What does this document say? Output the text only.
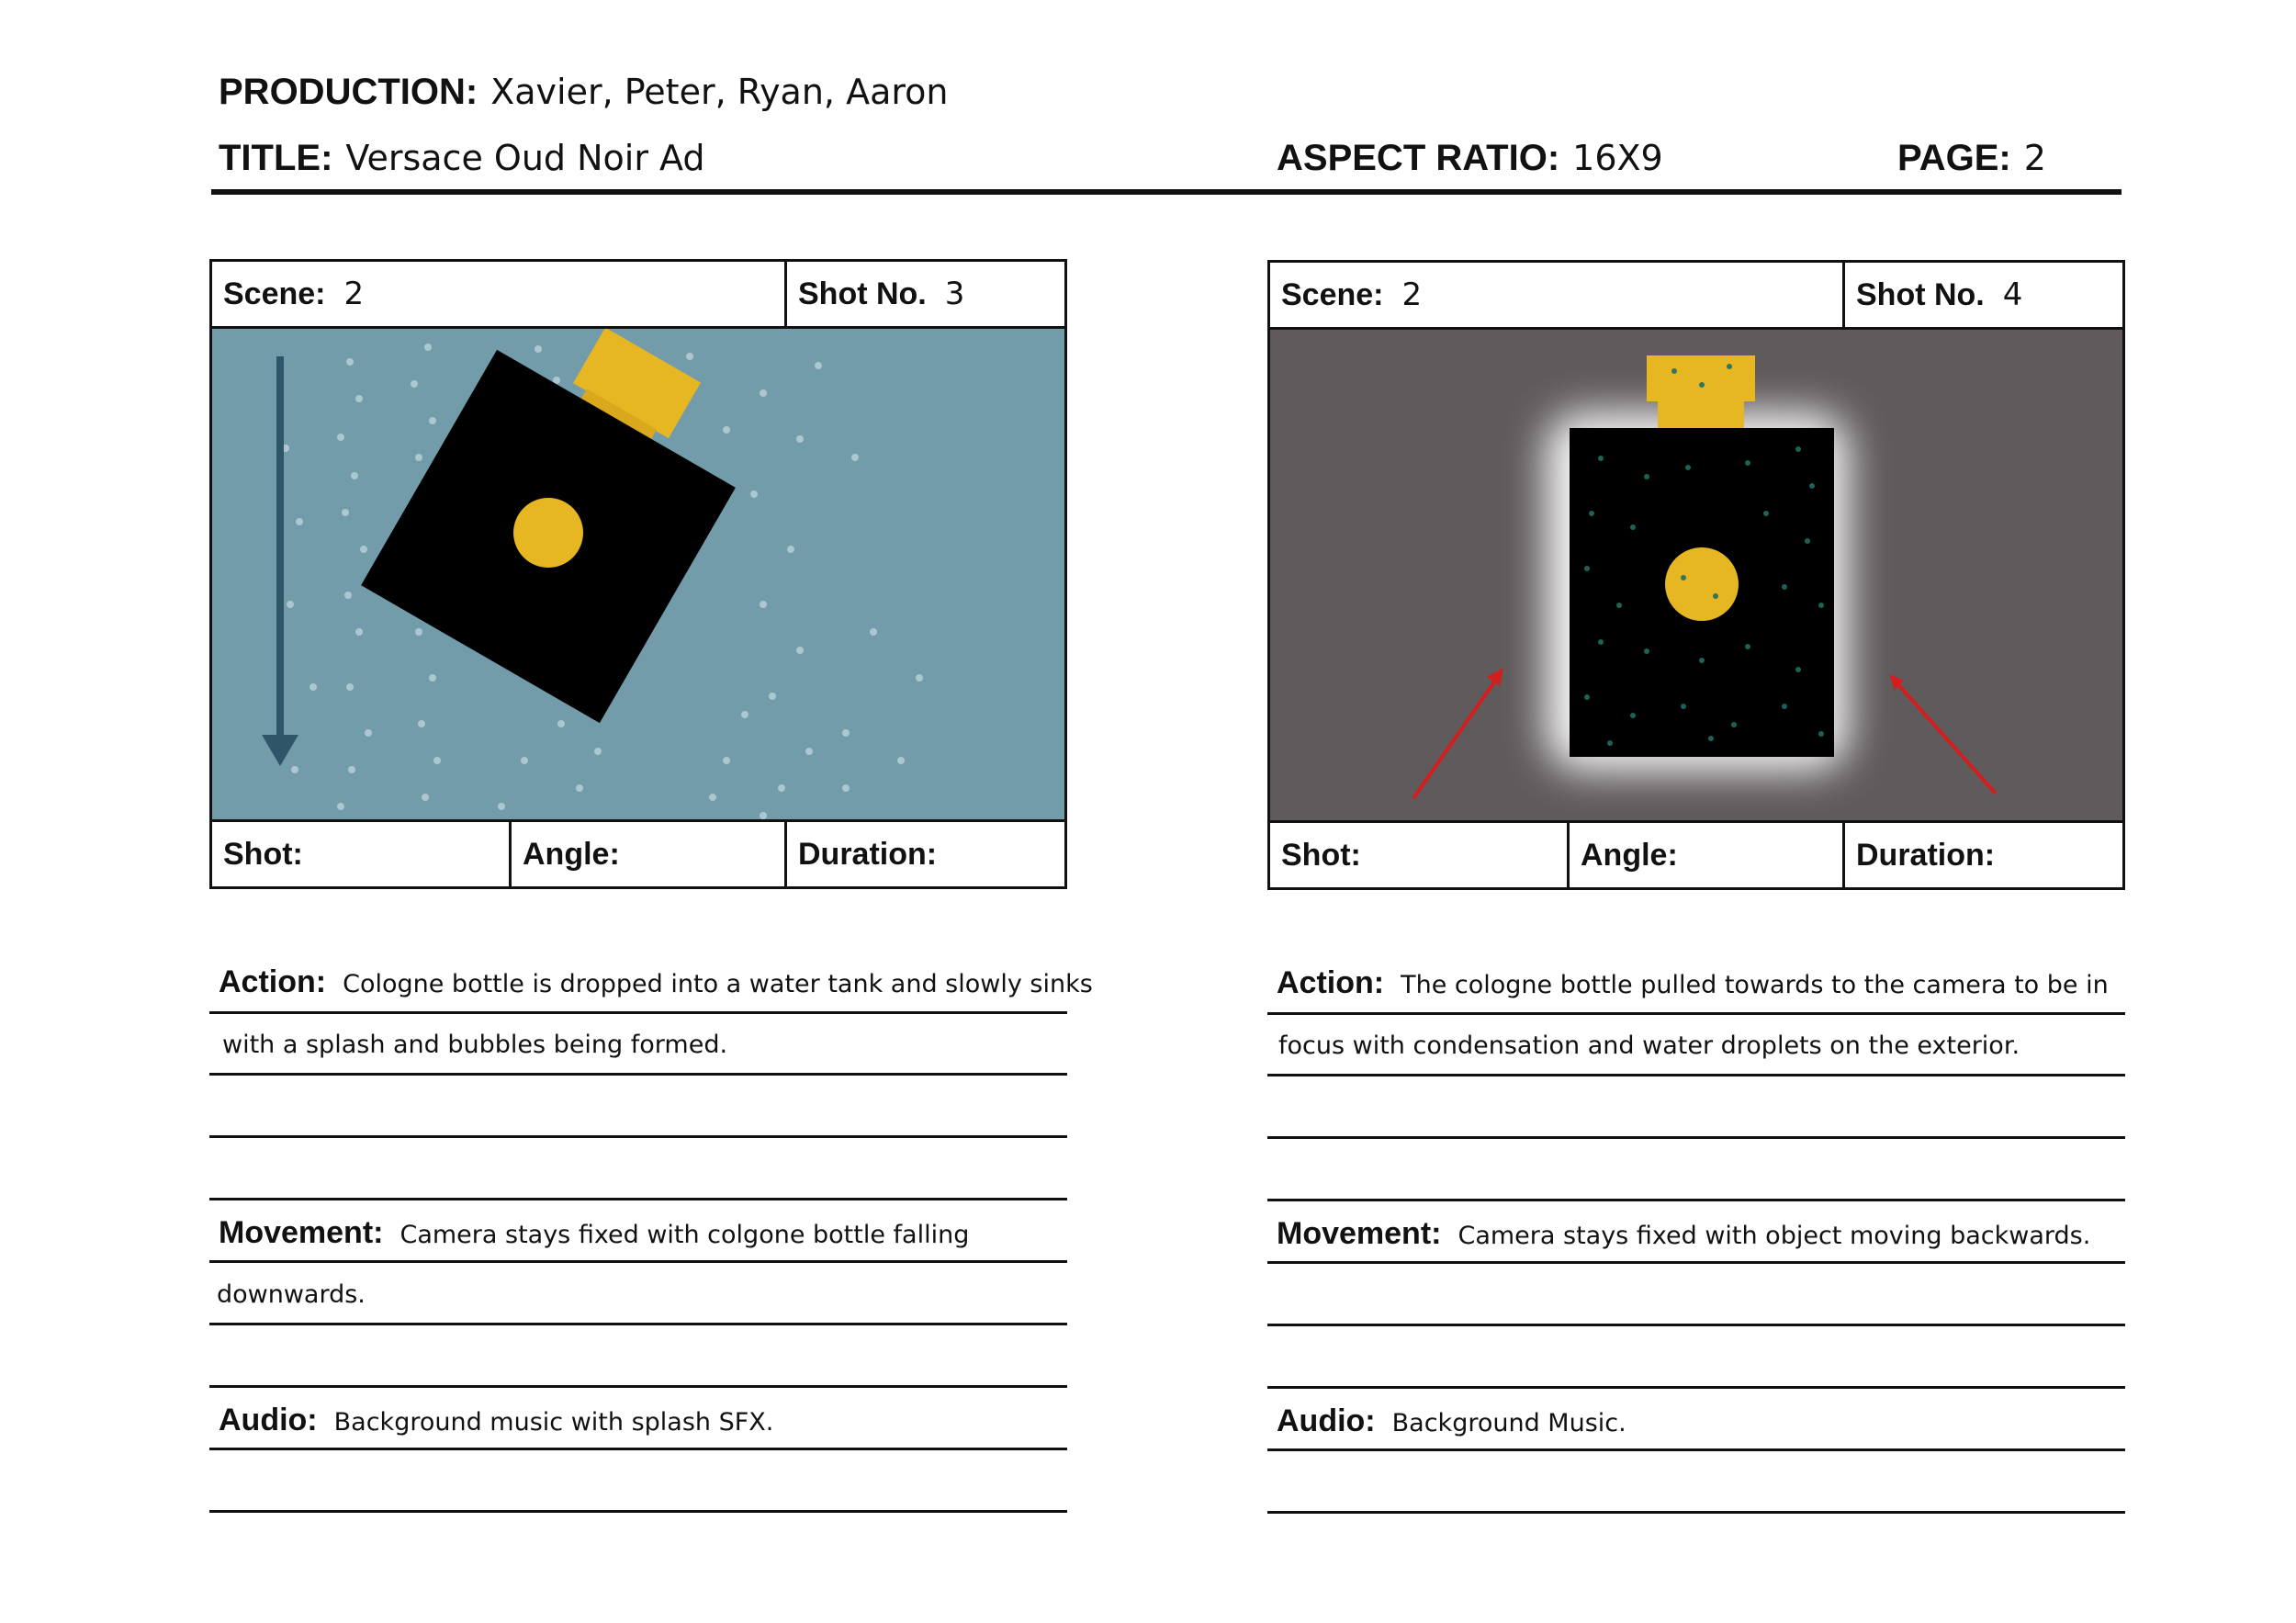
PRODUCTION: Xavier, Peter, Ryan, Aaron
TITLE: Versace Oud Noir Ad	ASPECT RATIO: 16X9	PAGE: 2
Scene: 2	Shot No. 3
Shot:	Angle:	Duration:
Action: Cologne bottle is dropped into a water tank and slowly sinks
with a splash and bubbles being formed.
Movement: Camera stays fixed with colgone bottle falling
downwards.
Audio: Background music with splash SFX.
Scene: 2	Shot No. 4
Shot:	Angle:	Duration:
Action: The cologne bottle pulled towards to the camera to be in
focus with condensation and water droplets on the exterior.
Movement: Camera stays fixed with object moving backwards.
Audio: Background Music.
